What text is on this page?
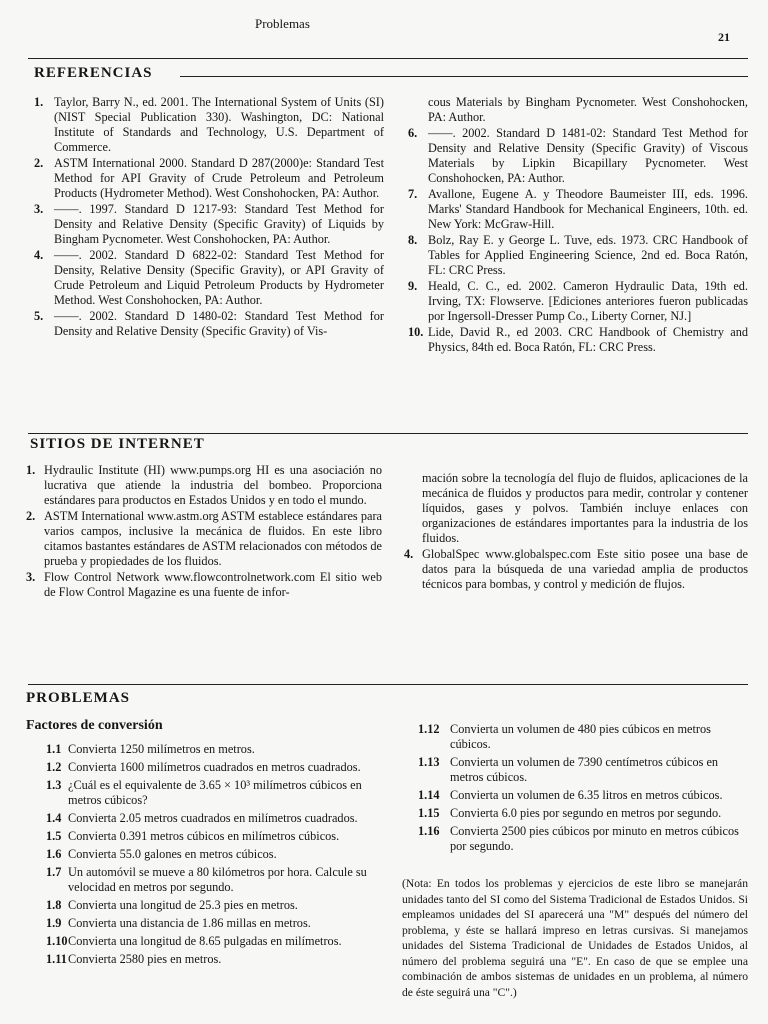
Problemas
21
REFERENCIAS
1. Taylor, Barry N., ed. 2001. The International System of Units (SI) (NIST Special Publication 330). Washington, DC: National Institute of Standards and Technology, U.S. Department of Commerce.
2. ASTM International 2000. Standard D 287(2000)e: Standard Test Method for API Gravity of Crude Petroleum and Petroleum Products (Hydrometer Method). West Conshohocken, PA: Author.
3. ——. 1997. Standard D 1217-93: Standard Test Method for Density and Relative Density (Specific Gravity) of Liquids by Bingham Pycnometer. West Conshohocken, PA: Author.
4. ——. 2002. Standard D 6822-02: Standard Test Method for Density, Relative Density (Specific Gravity), or API Gravity of Crude Petroleum and Liquid Petroleum Products by Hydrometer Method. West Conshohocken, PA: Author.
5. ——. 2002. Standard D 1480-02: Standard Test Method for Density and Relative Density (Specific Gravity) of Vis-
cous Materials by Bingham Pycnometer. West Conshohocken, PA: Author.
6. ——. 2002. Standard D 1481-02: Standard Test Method for Density and Relative Density (Specific Gravity) of Viscous Materials by Lipkin Bicapillary Pycnometer. West Conshohocken, PA: Author.
7. Avallone, Eugene A. y Theodore Baumeister III, eds. 1996. Marks' Standard Handbook for Mechanical Engineers, 10th. ed. New York: McGraw-Hill.
8. Bolz, Ray E. y George L. Tuve, eds. 1973. CRC Handbook of Tables for Applied Engineering Science, 2nd ed. Boca Ratón, FL: CRC Press.
9. Heald, C. C., ed. 2002. Cameron Hydraulic Data, 19th ed. Irving, TX: Flowserve. [Ediciones anteriores fueron publicadas por Ingersoll-Dresser Pump Co., Liberty Corner, NJ.]
10. Lide, David R., ed 2003. CRC Handbook of Chemistry and Physics, 84th ed. Boca Ratón, FL: CRC Press.
SITIOS DE INTERNET
1. Hydraulic Institute (HI) www.pumps.org HI es una asociación no lucrativa que atiende la industria del bombeo. Proporciona estándares para productos en Estados Unidos y en todo el mundo.
2. ASTM International www.astm.org ASTM establece estándares para varios campos, inclusive la mecánica de fluidos. En este libro citamos bastantes estándares de ASTM relacionados con métodos de prueba y propiedades de los fluidos.
3. Flow Control Network www.flowcontrolnetwork.com El sitio web de Flow Control Magazine es una fuente de infor-
mación sobre la tecnología del flujo de fluidos, aplicaciones de la mecánica de fluidos y productos para medir, controlar y contener líquidos, gases y polvos. También incluye enlaces con organizaciones de estándares importantes para la industria de los fluidos.
4. GlobalSpec www.globalspec.com Este sitio posee una base de datos para la búsqueda de una variedad amplia de productos técnicos para bombas, y control y medición de flujos.
PROBLEMAS
Factores de conversión
1.1 Convierta 1250 milímetros en metros.
1.2 Convierta 1600 milímetros cuadrados en metros cuadrados.
1.3 ¿Cuál es el equivalente de 3.65 × 10³ milímetros cúbicos en metros cúbicos?
1.4 Convierta 2.05 metros cuadrados en milímetros cuadrados.
1.5 Convierta 0.391 metros cúbicos en milímetros cúbicos.
1.6 Convierta 55.0 galones en metros cúbicos.
1.7 Un automóvil se mueve a 80 kilómetros por hora. Calcule su velocidad en metros por segundo.
1.8 Convierta una longitud de 25.3 pies en metros.
1.9 Convierta una distancia de 1.86 millas en metros.
1.10 Convierta una longitud de 8.65 pulgadas en milímetros.
1.11 Convierta 2580 pies en metros.
1.12 Convierta un volumen de 480 pies cúbicos en metros cúbicos.
1.13 Convierta un volumen de 7390 centímetros cúbicos en metros cúbicos.
1.14 Convierta un volumen de 6.35 litros en metros cúbicos.
1.15 Convierta 6.0 pies por segundo en metros por segundo.
1.16 Convierta 2500 pies cúbicos por minuto en metros cúbicos por segundo.
(Nota: En todos los problemas y ejercicios de este libro se manejarán unidades tanto del SI como del Sistema Tradicional de Estados Unidos. Si empleamos unidades del SI aparecerá una "M" después del número del problema, y éste se hallará impreso en letras cursivas. Si manejamos unidades del Sistema Tradicional de Unidades de Estados Unidos, al número del problema seguirá una "E". En caso de que se emplee una combinación de ambos sistemas de unidades en un problema, al número de éste seguirá una "C".)
